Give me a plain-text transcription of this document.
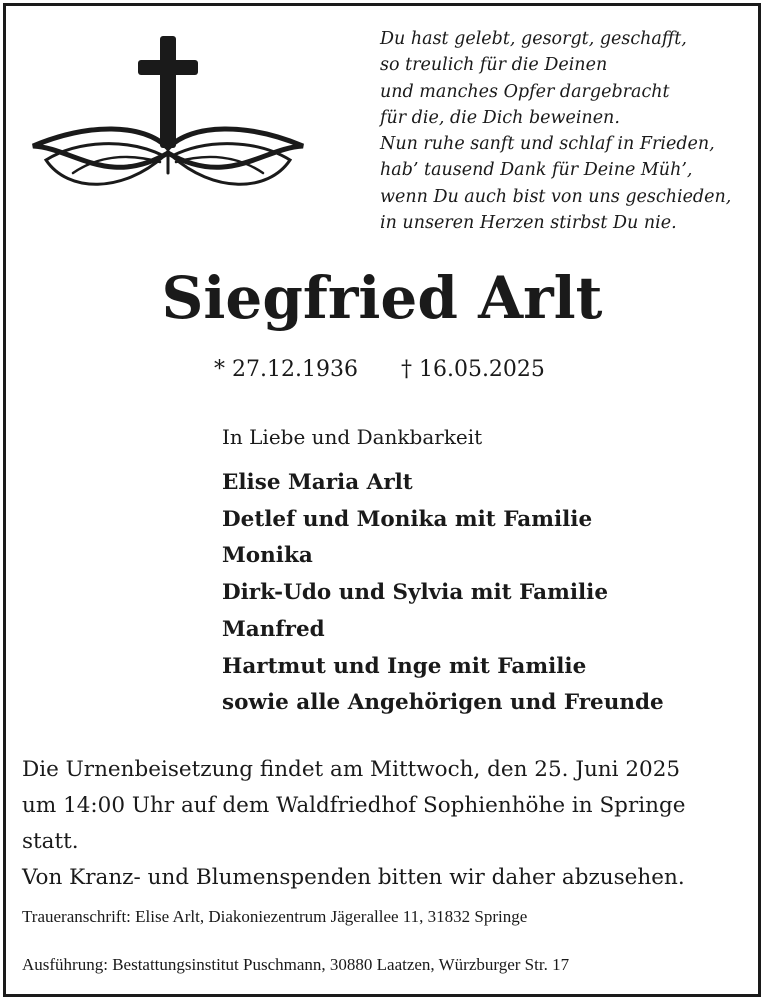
Du hast gelebt, gesorgt, geschafft,
so treulich für die Deinen
und manches Opfer dargebracht
für die, die Dich beweinen.
Nun ruhe sanft und schlaf in Frieden,
hab’ tausend Dank für Deine Müh’,
wenn Du auch bist von uns geschieden,
in unseren Herzen stirbst Du nie.
Siegfried Arlt
* 27.12.1936 † 16.05.2025
In Liebe und Dankbarkeit
Elise Maria Arlt
Detlef und Monika mit Familie
Monika
Dirk-Udo und Sylvia mit Familie
Manfred
Hartmut und Inge mit Familie
sowie alle Angehörigen und Freunde
Die Urnenbeisetzung findet am Mittwoch, den 25. Juni 2025
um 14:00 Uhr auf dem Waldfriedhof Sophienhöhe in Springe
statt.
Von Kranz- und Blumenspenden bitten wir daher abzusehen.
Traueranschrift: Elise Arlt, Diakoniezentrum Jägerallee 11, 31832 Springe
Ausführung: Bestattungsinstitut Puschmann, 30880 Laatzen, Würzburger Str. 17
